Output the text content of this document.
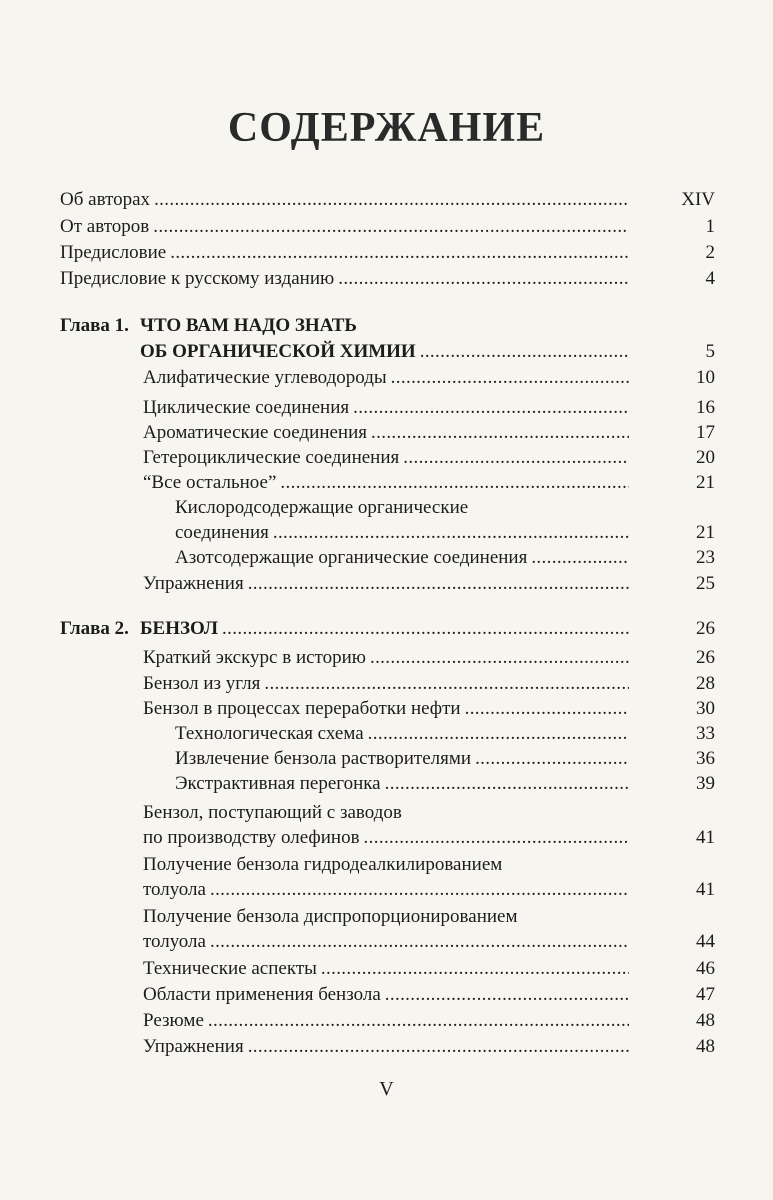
СОДЕРЖАНИЕ
Об авторах . . .	XIV
От авторов . . .	1
Предисловие . . .	2
Предисловие к русскому изданию . . .	4
Глава 1. ЧТО ВАМ НАДО ЗНАТЬ
ОБ ОРГАНИЧЕСКОЙ ХИМИИ . . .	5
Алифатические углеводороды . . .	10
Циклические соединения . . .	16
Ароматические соединения . . .	17
Гетероциклические соединения . . .	20
“Все остальное” . . .	21
Кислородсодержащие органические
соединения . . .	21
Азотсодержащие органические соединения . . .	23
Упражнения . . .	25
Глава 2. БЕНЗОЛ . . .	26
Краткий экскурс в историю . . .	26
Бензол из угля . . .	28
Бензол в процессах переработки нефти . . .	30
Технологическая схема . . .	33
Извлечение бензола растворителями . . .	36
Экстрактивная перегонка . . .	39
Бензол, поступающий с заводов
по производству олефинов . . .	41
Получение бензола гидродеалкилированием
толуола . . .	41
Получение бензола диспропорционированием
толуола . . .	44
Технические аспекты . . .	46
Области применения бензола . . .	47
Резюме . . .	48
Упражнения . . .	48
V
